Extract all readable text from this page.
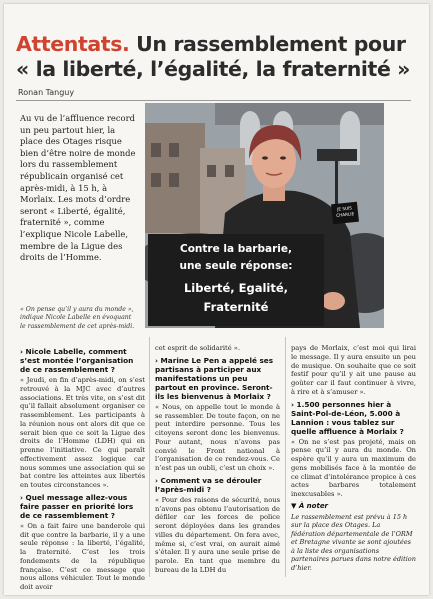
Attentats. Un rassemblement pour
« la liberté, l’égalité, la fraternité »
Ronan Tanguy
Au vu de l’affluence record un peu partout hier, la place des Otages risque bien d’être noire de monde lors du rassemblement républicain organisé cet après-midi, à 15 h, à Morlaix. Les mots d’ordre seront « Liberté, égalité, fraternité », comme l’explique Nicole Labelle, membre de la Ligue des droits de l’Homme.
JE SUIS CHARLIE
Contre la barbarie,
une seule réponse:
Liberté, Egalité,
Fraternité
« On pense qu’il y aura du monde », indique Nicole Labelle en évoquant le rassemblement de cet après-midi.
› Nicole Labelle, comment s’est montée l’organisation de ce rassemblement ?

« Jeudi, en fin d’après-midi, on s’est retrouvé à la MJC avec d’autres associations. Et très vite, on s’est dit qu’il fallait absolument organiser ce rassemblement. Les participants à la réunion nous ont alors dit que ce serait bien que ce soit la Ligue des droits de l’Homme (LDH) qui en prenne l’initiative. Ce qui paraît effectivement assez logique car nous sommes une association qui se bat contre les atteintes aux libertés en toutes circonstances ».

› Quel message allez-vous faire passer en priorité lors de ce rassemblement ?

« On a fait faire une banderole qui dit que contre la barbarie, il y a une seule réponse : la liberté, l’égalité, la fraternité. C’est les trois fondements de la république française. C’est ce message que nous allons véhiculer. Tout le monde doit avoir

cet esprit de solidarité ».

› Marine Le Pen a appelé ses partisans à participer aux manifestations un peu partout en province. Seront-ils les bienvenus à Morlaix ?

« Nous, on appelle tout le monde à se rassembler. De toute façon, on ne peut interdire personne. Tous les citoyens seront donc les bienvenus. Pour autant, nous n’avons pas convié le Front national à l’organisation de ce rendez-vous. Ce n’est pas un oubli, c’est un choix ».

› Comment va se dérouler l’après-midi ?

« Pour des raisons de sécurité, nous n’avons pas obtenu l’autorisation de défiler car les forces de police seront déployées dans les grandes villes du département. On fera avec, même si, c’est vrai, on aurait aimé s’étaler. Il y aura une seule prise de parole. En tant que membre du bureau de la LDH du

pays de Morlaix, c’est moi qui lirai le message. Il y aura ensuite un peu de musique. On souhaite que ce soit festif pour qu’il y ait une pause au goûter car il faut continuer à vivre, à rire et à s’amuser ».

› 1.500 personnes hier à Saint-Pol-de-Léon, 5.000 à Lannion : vous tablez sur quelle affluence à Morlaix ?

« On ne s’est pas projeté, mais on pense qu’il y aura du monde. On espère qu’il y aura un maximum de gens mobilisés face à la montée de ce climat d’intolérance propice à ces actes barbares totalement inexcusables ».

▼ À noter

Le rassemblement est prévu à 15 h sur la place des Otages. La fédération départementale de l’ORM et Bretagne vivante se sont ajoutées à la liste des organisations partenaires parues dans notre édition d’hier.
